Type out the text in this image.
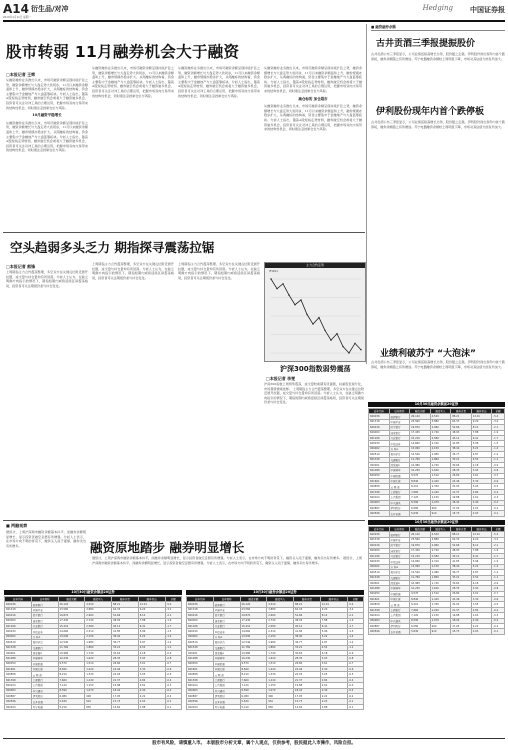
A14 衍生品/对冲
2010年1月11日 星期一
Hedging 中国证券报
股市转弱 11月融券机会大于融资
□本报记者 王辉
从融资融券业务推出以来，市场可融资余额呈现持续扩张之势，融资余额增长与大盘走势大致同步，11月以来融资余额温和上升，融券规模亦稳步扩大，从两融标的结构看，资金主要集中于金融地产与大盘蓝筹板块。分析人士指出，随着A股短线走势转弱，融券做空机会或将大于融资做多机会，投资者可关注对冲工具的合理运用，把握市场双向交易带来的结构性机会，同时须注意控制仓位与风险。
10月融资平稳增长
从融资融券业务推出以来，市场可融资余额呈现持续扩张之势，融资余额增长与大盘走势大致同步，11月以来融资余额温和上升，融券规模亦稳步扩大，从两融标的结构看，资金主要集中于金融地产与大盘蓝筹板块。分析人士指出，随着A股短线走势转弱，融券做空机会或将大于融资做多机会，投资者可关注对冲工具的合理运用，把握市场双向交易带来的结构性机会，同时须注意控制仓位与风险。
从融资融券业务推出以来，市场可融资余额呈现持续扩张之势，融资余额增长与大盘走势大致同步，11月以来融资余额温和上升，融券规模亦稳步扩大，从两融标的结构看，资金主要集中于金融地产与大盘蓝筹板块。分析人士指出，随着A股短线走势转弱，融券做空机会或将大于融资做多机会，投资者可关注对冲工具的合理运用，把握市场双向交易带来的结构性机会，同时须注意控制仓位与风险。
从融资融券业务推出以来，市场可融资余额呈现持续扩张之势，融资余额增长与大盘走势大致同步，11月以来融资余额温和上升，融券规模亦稳步扩大，从两融标的结构看，资金主要集中于金融地产与大盘蓝筹板块。分析人士指出，随着A股短线走势转弱，融券做空机会或将大于融资做多机会，投资者可关注对冲工具的合理运用，把握市场双向交易带来的结构性机会，同时须注意控制仓位与风险。
从融资融券业务推出以来，市场可融资余额呈现持续扩张之势，融资余额增长与大盘走势大致同步，11月以来融资余额温和上升，融券规模亦稳步扩大，从两融标的结构看，资金主要集中于金融地产与大盘蓝筹板块。分析人士指出，随着A股短线走势转弱，融券做空机会或将大于融资做多机会，投资者可关注对冲工具的合理运用，把握市场双向交易带来的结构性机会，同时须注意控制仓位与风险。
减仓标的 加仓超市
从融资融券业务推出以来，市场可融资余额呈现持续扩张之势，融资余额增长与大盘走势大致同步，11月以来融资余额温和上升，融券规模亦稳步扩大，从两融标的结构看，资金主要集中于金融地产与大盘蓝筹板块。分析人士指出，随着A股短线走势转弱，融券做空机会或将大于融资做多机会，投资者可关注对冲工具的合理运用，把握市场双向交易带来的结构性机会，同时须注意控制仓位与风险。
■ 融资融券余额
古井贡酒三季报提振股价
古井贡酒公布三季报显示，公司业绩延续高增长态势，股价随之走强。伊利股份则出现年内首个跌停板，融券余额随之有所增加。苏宁电器融资余额较上周明显下降，市场对其估值分歧有所加大。
伊利股份现年内首个跌停板
古井贡酒公布三季报显示，公司业绩延续高增长态势，股价随之走强。伊利股份则出现年内首个跌停板，融券余额随之有所增加。苏宁电器融资余额较上周明显下降，市场对其估值分歧有所加大。
业绩利破苏宁 “大泡沫”
古井贡酒公布三季报显示，公司业绩延续高增长态势，股价随之走强。伊利股份则出现年内首个跌停板，融券余额随之有所增加。苏宁电器融资余额较上周明显下降，市场对其估值分歧有所加大。
空头趋弱多头乏力 期指探寻震荡拉锯
□本报记者 熊锋
上周期指主力合约震荡整理，多空双方在关键点位附近展开拉锯，成交量与持仓量均有所回落。分析人士认为，在缺乏明确方向指引的情况下，期指短期内或将延续区间震荡格局，投资者可关注期现价差与持仓变化。
上周期指主力合约震荡整理，多空双方在关键点位附近展开拉锯，成交量与持仓量均有所回落。分析人士认为，在缺乏明确方向指引的情况下，期指短期内或将延续区间震荡格局，投资者可关注期现价差与持仓变化。
上周期指主力合约震荡整理，多空双方在关键点位附近展开拉锯，成交量与持仓量均有所回落。分析人士认为，在缺乏明确方向指引的情况下，期指短期内或将延续区间震荡格局，投资者可关注期现价差与持仓变化。
主力合约走势
IF1011
沪深300指数弱势震荡
□本报记者 李雯
沪深300指数上周弱势震荡，成交量较前期有所萎缩，权重股表现分化，市场观望情绪浓厚。 上周期指主力合约震荡整理，多空双方在关键点位附近展开拉锯，成交量与持仓量均有所回落。分析人士认为，在缺乏明确方向指引的情况下，期指短期内或将延续区间震荡格局，投资者可关注期现价差与持仓变化。	10月30日融资余额前20证券
证券代码	证券简称	融资余额	融资买入	融券余量	融券卖出	余额
600036	招商银行	26,120	4,520	88.21	12.01	-5.4
601318	中国平安	23,560	3,880	64.33	9.20	-3.2
600016	民生银行	19,870	2,960	52.66	8.12	-2.1
600000	浦发银行	17,430	2,740	48.93	7.88	-1.9
601166	兴业银行	15,210	2,580	45.12	6.41	-1.7
600030	中信证券	14,660	2,310	41.85	5.96	-1.5
000002	万 科A	13,090	2,150	38.40	5.22	-1.4
600519	贵州茅台	12,540	1,980	36.77	4.87	-1.2
601328	交通银行	11,760	1,860	33.21	4.52	-1.1
000001	深发展A	10,980	1,740	30.64	4.18	-0.9
601088	中国神华	10,230	1,620	28.35	3.93	-0.8
600050	中国联通	9,570	1,510	26.80	3.61	-0.7
601601	中国太保	8,840	1,420	24.46	3.30	-0.6
000858	五 粮 液	8,210	1,330	22.93	3.05	-0.5
601398	工商银行	7,660	1,240	21.37	2.84	-0.4
600104	上汽集团	7,120	1,150	19.88	2.61	-0.3
000063	中兴通讯	6,590	1,070	18.42	2.40	-0.2
600887	伊利股份	6,080	990	17.05	2.22	-0.2
000596	古井贡酒	5,630	910	15.73	2.03	-0.1
10月30日融券余额前20证券
证券代码	证券简称	融资余额	融资买入	融券余量	融券卖出	余额
600036	招商银行	26,120	4,520	88.21	12.01	-5.4
601318	中国平安	23,560	3,880	64.33	9.20	-3.2
600016	民生银行	19,870	2,960	52.66	8.12	-2.1
600000	浦发银行	17,430	2,740	48.93	7.88	-1.9
601166	兴业银行	15,210	2,580	45.12	6.41	-1.7
600030	中信证券	14,660	2,310	41.85	5.96	-1.5
000002	万 科A	13,090	2,150	38.40	5.22	-1.4
600519	贵州茅台	12,540	1,980	36.77	4.87	-1.2
601328	交通银行	11,760	1,860	33.21	4.52	-1.1
000001	深发展A	10,980	1,740	30.64	4.18	-0.9
601088	中国神华	10,230	1,620	28.35	3.93	-0.8
600050	中国联通	9,570	1,510	26.80	3.61	-0.7
601601	中国太保	8,840	1,420	24.46	3.30	-0.6
000858	五 粮 液	8,210	1,330	22.93	3.05	-0.5
601398	工商银行	7,660	1,240	21.37	2.84	-0.4
600104	上汽集团	7,120	1,150	19.88	2.61	-0.3
000063	中兴通讯	6,590	1,070	18.42	2.40	-0.2
600887	伊利股份	6,080	990	17.05	2.22	-0.2
000596	古井贡酒	5,630	910	15.73	2.03	-0.1
■ 两融观察
融资原地踏步 融券明显增长
据统计，上周沪深两市融资余额基本持平，而融券余额明显增长，显示投资者做空意愿有所增强。分析人士表示，在市场方向不明的背景下，融资买入趋于谨慎，融券卖出有所增多。
据统计，上周沪深两市融资余额基本持平，而融券余额明显增长，显示投资者做空意愿有所增强。分析人士表示，在市场方向不明的背景下，融资买入趋于谨慎，融券卖出有所增多。 据统计，上周沪深两市融资余额基本持平，而融券余额明显增长，显示投资者做空意愿有所增强。分析人士表示，在市场方向不明的背景下，融资买入趋于谨慎，融券卖出有所增多。
10月30日融资余额前20证券
证券代码	证券简称	融资余额	融资买入	融券余量	融券卖出	余额
600036	招商银行	26,120	4,520	88.21	12.01	-5.4
601318	中国平安	23,560	3,880	64.33	9.20	-3.2
600016	民生银行	19,870	2,960	52.66	8.12	-2.1
600000	浦发银行	17,430	2,740	48.93	7.88	-1.9
601166	兴业银行	15,210	2,580	45.12	6.41	-1.7
600030	中信证券	14,660	2,310	41.85	5.96	-1.5
000002	万 科A	13,090	2,150	38.40	5.22	-1.4
600519	贵州茅台	12,540	1,980	36.77	4.87	-1.2
601328	交通银行	11,760	1,860	33.21	4.52	-1.1
000001	深发展A	10,980	1,740	30.64	4.18	-0.9
601088	中国神华	10,230	1,620	28.35	3.93	-0.8
600050	中国联通	9,570	1,510	26.80	3.61	-0.7
601601	中国太保	8,840	1,420	24.46	3.30	-0.6
000858	五 粮 液	8,210	1,330	22.93	3.05	-0.5
601398	工商银行	7,660	1,240	21.37	2.84	-0.4
600104	上汽集团	7,120	1,150	19.88	2.61	-0.3
000063	中兴通讯	6,590	1,070	18.42	2.40	-0.2
600887	伊利股份	6,080	990	17.05	2.22	-0.2
000596	古井贡酒	5,630	910	15.73	2.03	-0.1
002024	苏宁电器	5,210	850	14.62	1.88	-0.1
10月30日融券余额前20证券
证券代码	证券简称	融资余额	融资买入	融券余量	融券卖出	余额
600036	招商银行	26,120	4,520	88.21	12.01	-5.4
601318	中国平安	23,560	3,880	64.33	9.20	-3.2
600016	民生银行	19,870	2,960	52.66	8.12	-2.1
600000	浦发银行	17,430	2,740	48.93	7.88	-1.9
601166	兴业银行	15,210	2,580	45.12	6.41	-1.7
600030	中信证券	14,660	2,310	41.85	5.96	-1.5
000002	万 科A	13,090	2,150	38.40	5.22	-1.4
600519	贵州茅台	12,540	1,980	36.77	4.87	-1.2
601328	交通银行	11,760	1,860	33.21	4.52	-1.1
000001	深发展A	10,980	1,740	30.64	4.18	-0.9
601088	中国神华	10,230	1,620	28.35	3.93	-0.8
600050	中国联通	9,570	1,510	26.80	3.61	-0.7
601601	中国太保	8,840	1,420	24.46	3.30	-0.6
000858	五 粮 液	8,210	1,330	22.93	3.05	-0.5
601398	工商银行	7,660	1,240	21.37	2.84	-0.4
600104	上汽集团	7,120	1,150	19.88	2.61	-0.3
000063	中兴通讯	6,590	1,070	18.42	2.40	-0.2
600887	伊利股份	6,080	990	17.05	2.22	-0.2
000596	古井贡酒	5,630	910	15.73	2.03	-0.1
002024	苏宁电器	5,210	850	14.62	1.88	-0.1
股市有风险，请慎重入市。 本版股市分析文章，属个人观点，仅供参考，股民据此入市操作，风险自担。
